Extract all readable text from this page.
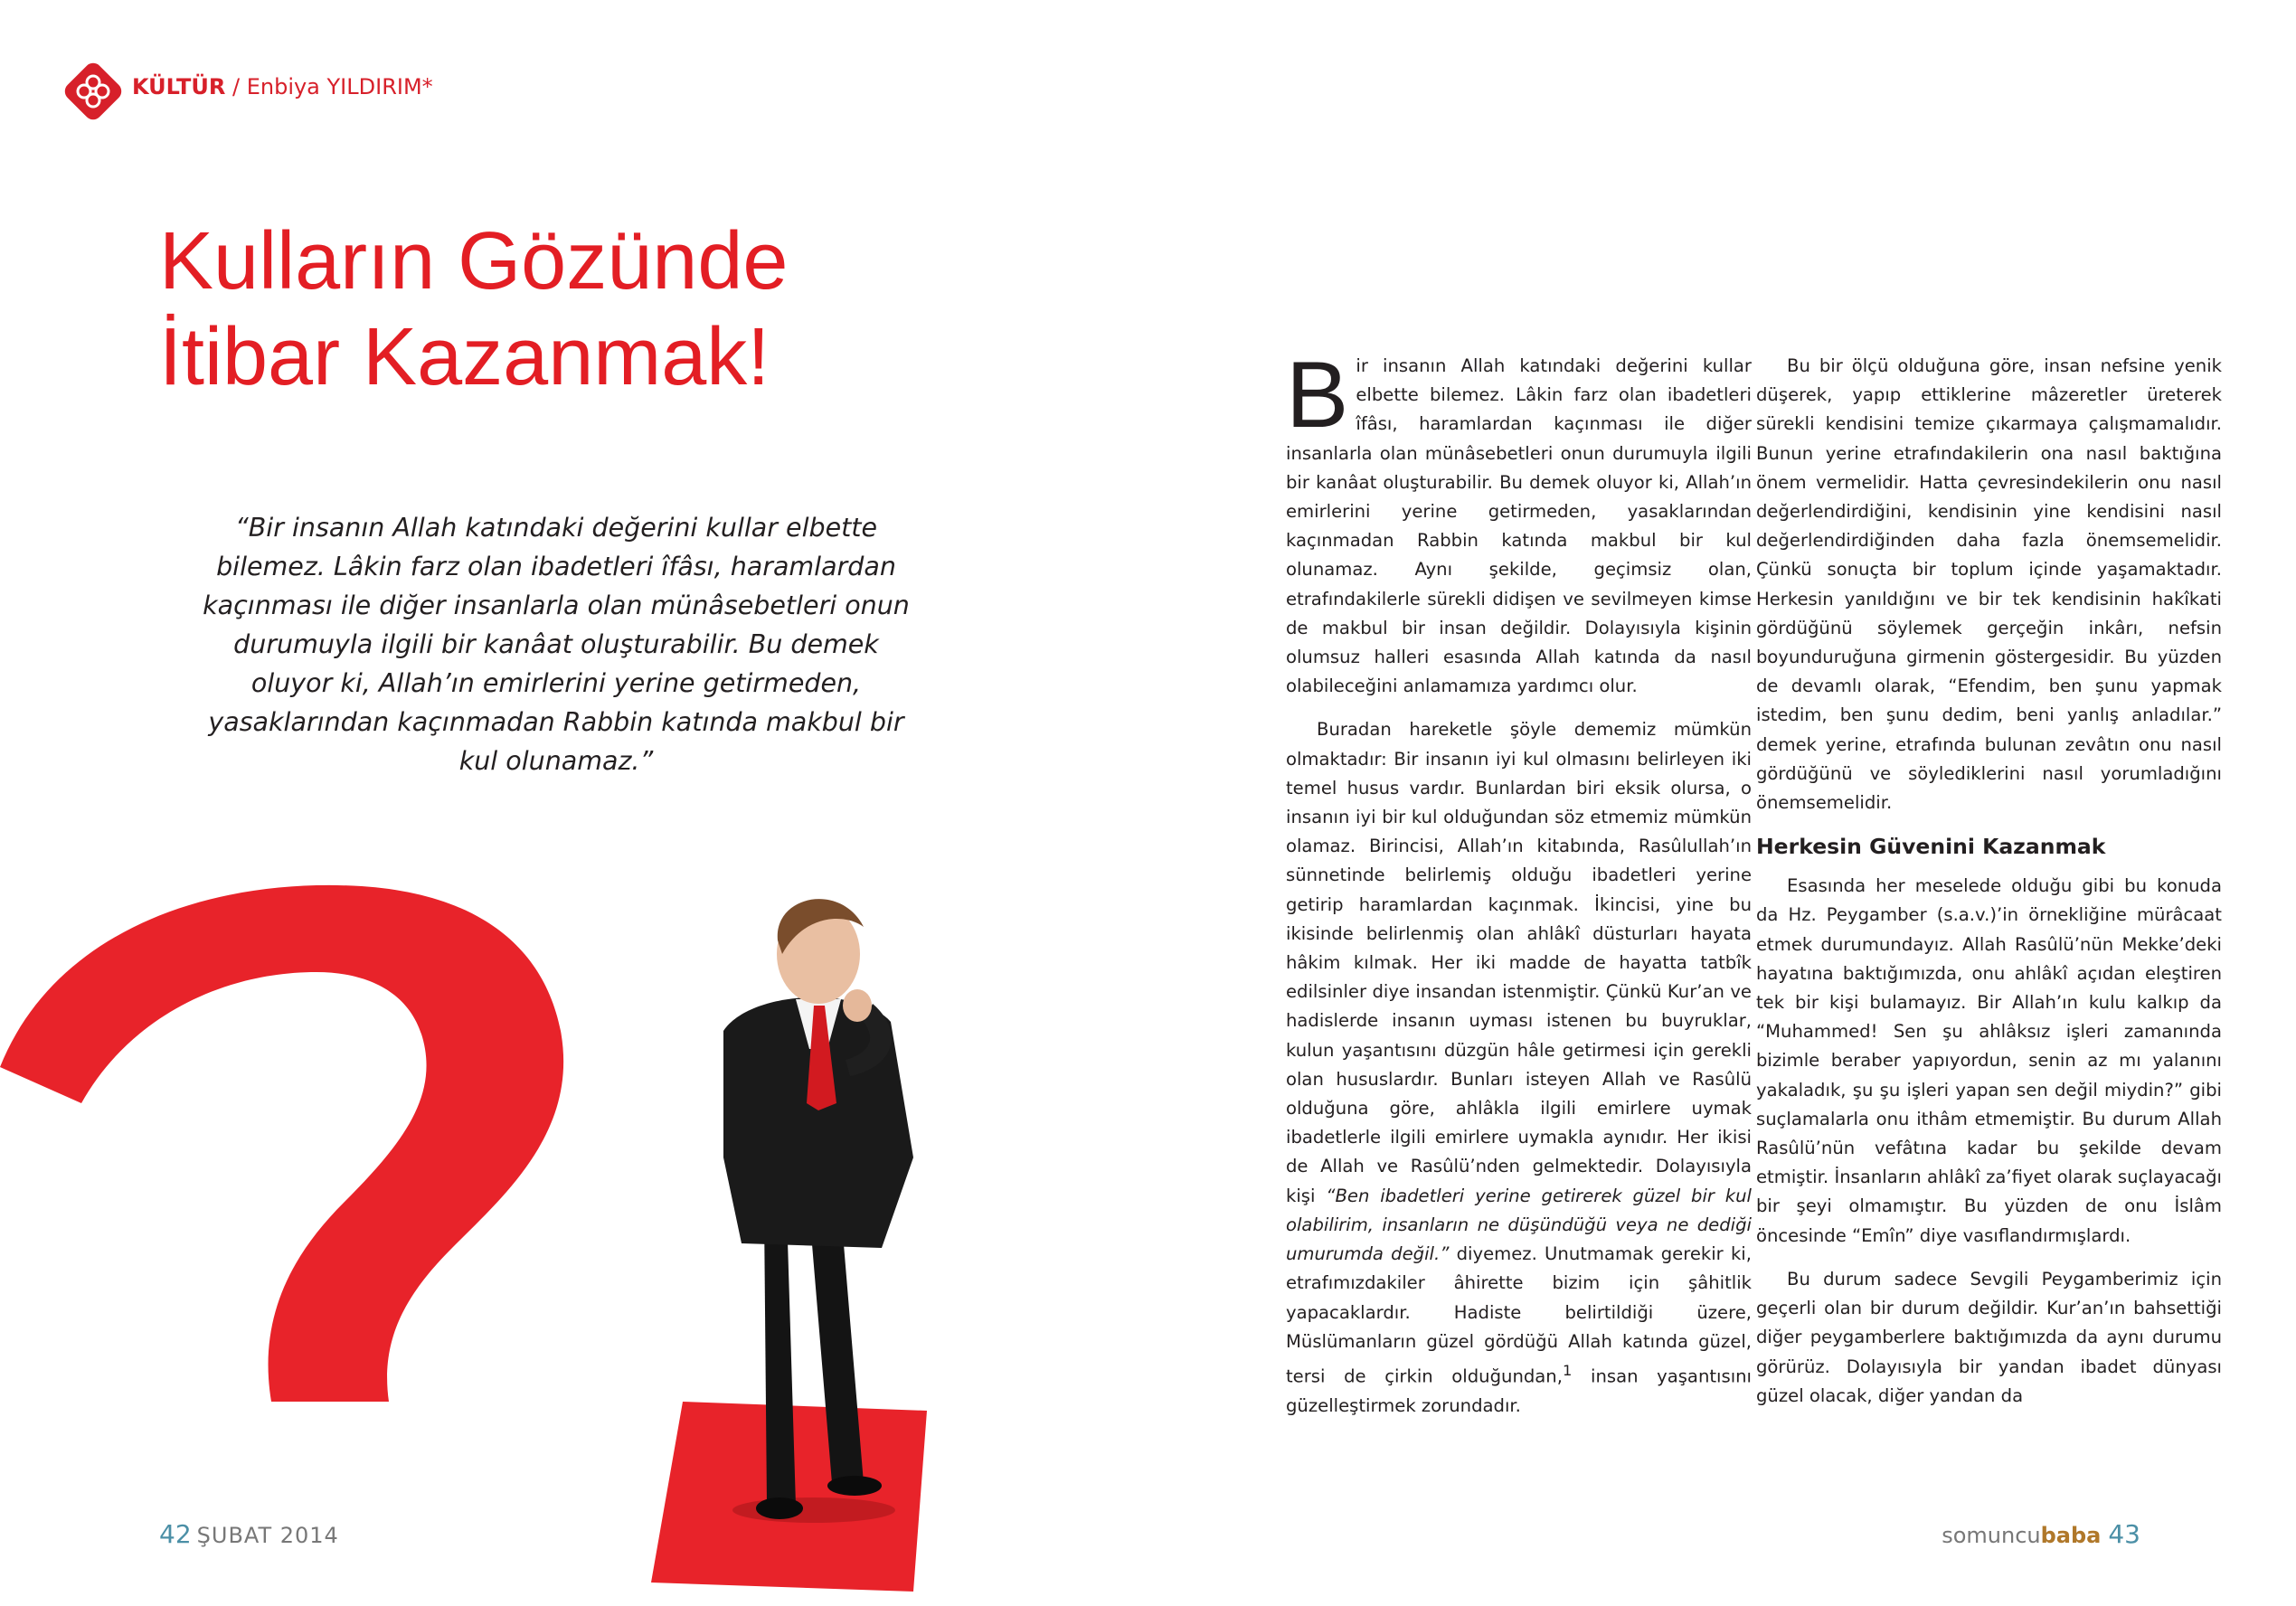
KÜLTÜR / Enbiya YILDIRIM*
Kulların Gözünde
İtibar Kazanmak!
“Bir insanın Allah katındaki değerini kullar elbette bilemez. Lâkin farz olan ibadetleri îfâsı, haramlardan kaçınması ile diğer insanlarla olan münâsebetleri onun durumuyla ilgili bir kanâat oluşturabilir. Bu demek oluyor ki, Allah’ın emirlerini yerine getirmeden, yasaklarından kaçınmadan Rabbin katında makbul bir kul olunamaz.”

Bir insanın Allah katındaki değerini kullar elbette bilemez. Lâkin farz olan ibadetleri îfâsı, haramlardan kaçınması ile diğer insanlarla olan münâsebetleri onun durumuyla ilgili bir kanâat oluşturabilir. Bu demek oluyor ki, Allah’ın emirlerini yerine getirmeden, yasaklarından kaçınmadan Rabbin katında makbul bir kul olunamaz. Aynı şekilde, geçimsiz olan, etrafındakilerle sürekli didişen ve sevilmeyen kimse de makbul bir insan değildir. Dolayısıyla kişinin olumsuz halleri esasında Allah katında da nasıl olabileceğini anlamamıza yardımcı olur.

Buradan hareketle şöyle dememiz mümkün olmaktadır: Bir insanın iyi kul olmasını belirleyen iki temel husus vardır. Bunlardan biri eksik olursa, o insanın iyi bir kul olduğundan söz etmemiz mümkün olamaz. Birincisi, Allah’ın kitabında, Rasûlullah’ın sünnetinde belirlemiş olduğu ibadetleri yerine getirip haramlardan kaçınmak. İkincisi, yine bu ikisinde belirlenmiş olan ahlâkî düsturları hayata hâkim kılmak. Her iki madde de hayatta tatbîk edilsinler diye insandan istenmiştir. Çünkü Kur’an ve hadislerde insanın uyması istenen bu buyruklar, kulun yaşantısını düzgün hâle getirmesi için gerekli olan hususlardır. Bunları isteyen Allah ve Rasûlü olduğuna göre, ahlâkla ilgili emirlere uymak ibadetlerle ilgili emirlere uymakla aynıdır. Her ikisi de Allah ve Rasûlü’nden gelmektedir. Dolayısıyla kişi “Ben ibadetleri yerine getirerek güzel bir kul olabilirim, insanların ne düşündüğü veya ne dediği umurumda değil.” diyemez. Unutmamak gerekir ki, etrafımızdakiler âhirette bizim için şâhitlik yapacaklardır. Hadiste belirtildiği üzere, Müslümanların güzel gördüğü Allah katında güzel, tersi de çirkin olduğundan,$^1$ insan yaşantısını güzelleştirmek zorundadır.

Bu bir ölçü olduğuna göre, insan nefsine yenik düşerek, yapıp ettiklerine mâzeretler üreterek sürekli kendisini temize çıkarmaya çalışmamalıdır. Bunun yerine etrafındakilerin ona nasıl baktığına önem vermelidir. Hatta çevresindekilerin onu nasıl değerlendirdiğini, kendisinin yine kendisini nasıl değerlendirdiğinden daha fazla önemsemelidir. Çünkü sonuçta bir toplum içinde yaşamaktadır. Herkesin yanıldığını ve bir tek kendisinin hakîkati gördüğünü söylemek gerçeğin inkârı, nefsin boyunduruğuna girmenin göstergesidir. Bu yüzden de devamlı olarak, “Efendim, ben şunu yapmak istedim, ben şunu dedim, beni yanlış anladılar.” demek yerine, etrafında bulunan zevâtın onu nasıl gördüğünü ve söylediklerini nasıl yorumladığını önemsemelidir.

Herkesin Güvenini Kazanmak

Esasında her meselede olduğu gibi bu konuda da Hz. Peygamber (s.a.v.)’in örnekliğine mürâcaat etmek durumundayız. Allah Rasûlü’nün Mekke’deki hayatına baktığımızda, onu ahlâkî açıdan eleştiren tek bir kişi bulamayız. Bir Allah’ın kulu kalkıp da “Muhammed! Sen şu ahlâksız işleri zamanında bizimle beraber yapıyordun, senin az mı yalanını yakaladık, şu şu işleri yapan sen değil miydin?” gibi suçlamalarla onu ithâm etmemiştir. Bu durum Allah Rasûlü’nün vefâtına kadar bu şekilde devam etmiştir. İnsanların ahlâkî za’fiyet olarak suçlayacağı bir şeyi olmamıştır. Bu yüzden de onu İslâm öncesinde “Emîn” diye vasıflandırmışlardı.

Bu durum sadece Sevgili Peygamberimiz için geçerli olan bir durum değildir. Kur’an’ın bahsettiği diğer peygamberlere baktığımızda da aynı durumu görürüz. Dolayısıyla bir yandan ibadet dünyası güzel olacak, diğer yandan da

42 ŞUBAT 2014	somuncubaba 43
